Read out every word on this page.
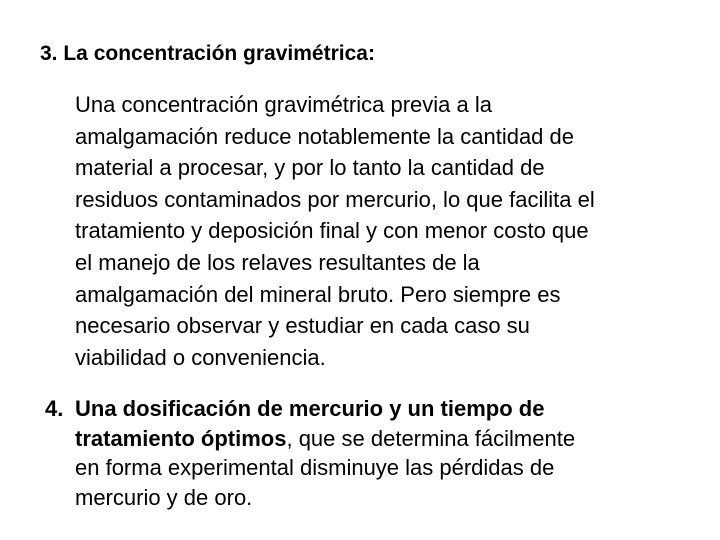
3. La concentración gravimétrica:
Una concentración gravimétrica previa a la
amalgamación reduce notablemente la cantidad de
material a procesar, y por lo tanto la cantidad de
residuos contaminados por mercurio, lo que facilita el
tratamiento y deposición final y con menor costo que
el manejo de los relaves resultantes de la
amalgamación del mineral bruto. Pero siempre es
necesario observar y estudiar en cada caso su
viabilidad o conveniencia.
4. Una dosificación de mercurio y un tiempo de
tratamiento óptimos, que se determina fácilmente
en forma experimental disminuye las pérdidas de
mercurio y de oro.
